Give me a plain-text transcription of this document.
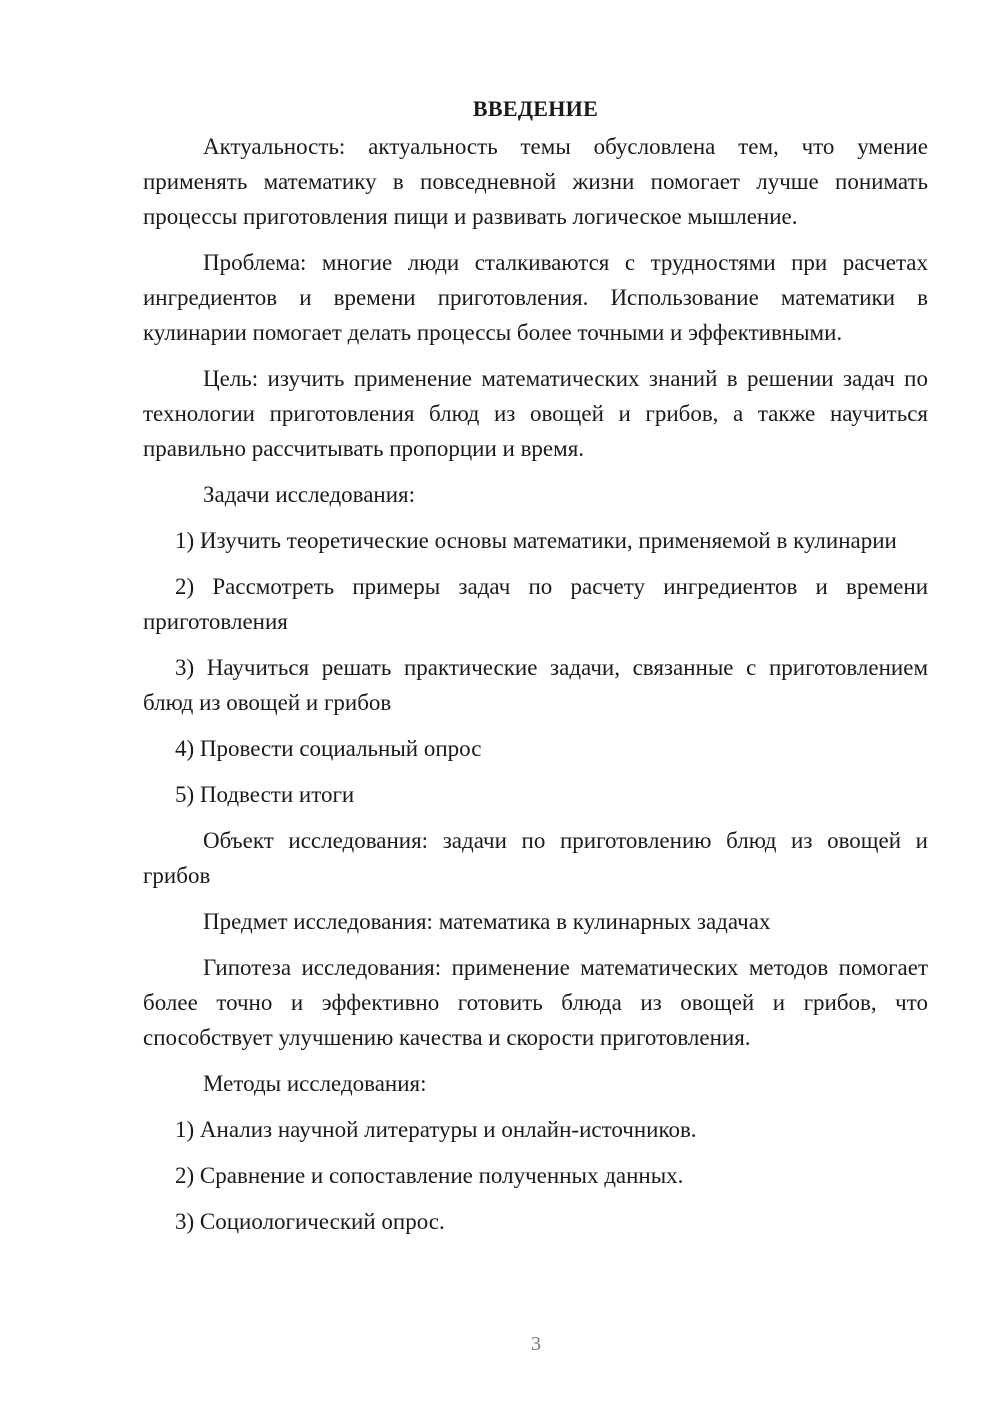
ВВЕДЕНИЕ

Актуальность: актуальность темы обусловлена тем, что умение применять математику в повседневной жизни помогает лучше понимать процессы приготовления пищи и развивать логическое мышление.

Проблема: многие люди сталкиваются с трудностями при расчетах ингредиентов и времени приготовления. Использование математики в кулинарии помогает делать процессы более точными и эффективными.

Цель: изучить применение математических знаний в решении задач по технологии приготовления блюд из овощей и грибов, а также научиться правильно рассчитывать пропорции и время.

Задачи исследования:

1) Изучить теоретические основы математики, применяемой в кулинарии

2) Рассмотреть примеры задач по расчету ингредиентов и времени приготовления

3) Научиться решать практические задачи, связанные с приготовлением блюд из овощей и грибов

4) Провести социальный опрос

5) Подвести итоги

Объект исследования: задачи по приготовлению блюд из овощей и грибов

Предмет исследования: математика в кулинарных задачах

Гипотеза исследования: применение математических методов помогает более точно и эффективно готовить блюда из овощей и грибов, что способствует улучшению качества и скорости приготовления.

Методы исследования:

1) Анализ научной литературы и онлайн-источников.

2) Сравнение и сопоставление полученных данных.

3) Социологический опрос.

3
